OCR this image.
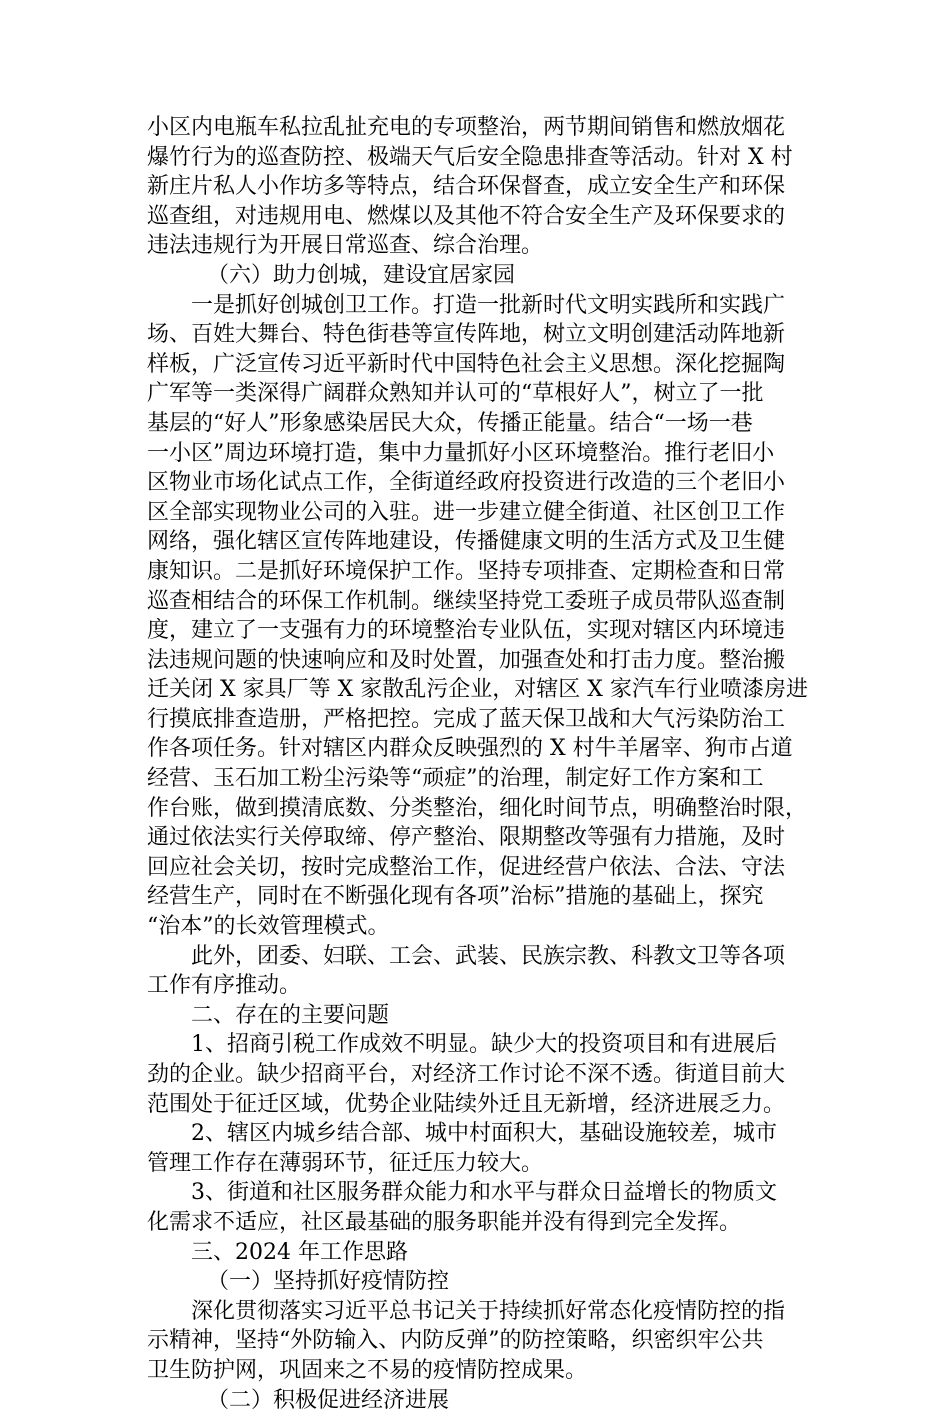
小区内电瓶车私拉乱扯充电的专项整治，两节期间销售和燃放烟花
爆竹行为的巡查防控、极端天气后安全隐患排查等活动。针对 X 村
新庄片私人小作坊多等特点，结合环保督查，成立安全生产和环保
巡查组，对违规用电、燃煤以及其他不符合安全生产及环保要求的
违法违规行为开展日常巡查、综合治理。

（六）助力创城，建设宜居家园

一是抓好创城创卫工作。打造一批新时代文明实践所和实践广
场、百姓大舞台、特色街巷等宣传阵地，树立文明创建活动阵地新
样板，广泛宣传习近平新时代中国特色社会主义思想。深化挖掘陶
广军等一类深得广阔群众熟知并认可的“草根好人”，树立了一批
基层的“好人”形象感染居民大众，传播正能量。结合“一场一巷
一小区”周边环境打造，集中力量抓好小区环境整治。推行老旧小
区物业市场化试点工作，全街道经政府投资进行改造的三个老旧小
区全部实现物业公司的入驻。进一步建立健全街道、社区创卫工作
网络，强化辖区宣传阵地建设，传播健康文明的生活方式及卫生健
康知识。二是抓好环境保护工作。坚持专项排查、定期检查和日常
巡查相结合的环保工作机制。继续坚持党工委班子成员带队巡查制
度，建立了一支强有力的环境整治专业队伍，实现对辖区内环境违
法违规问题的快速响应和及时处置，加强查处和打击力度。整治搬
迁关闭 X 家具厂等 X 家散乱污企业，对辖区 X 家汽车行业喷漆房进
行摸底排查造册，严格把控。完成了蓝天保卫战和大气污染防治工
作各项任务。针对辖区内群众反映强烈的 X 村牛羊屠宰、狗市占道
经营、玉石加工粉尘污染等“顽症”的治理，制定好工作方案和工
作台账，做到摸清底数、分类整治，细化时间节点，明确整治时限，
通过依法实行关停取缔、停产整治、限期整改等强有力措施，及时
回应社会关切，按时完成整治工作，促进经营户依法、合法、守法
经营生产，同时在不断强化现有各项”治标”措施的基础上，探究
“治本”的长效管理模式。

此外，团委、妇联、工会、武装、民族宗教、科教文卫等各项
工作有序推动。

二、存在的主要问题

1、招商引税工作成效不明显。缺少大的投资项目和有进展后
劲的企业。缺少招商平台，对经济工作讨论不深不透。街道目前大
范围处于征迁区域，优势企业陆续外迁且无新增，经济进展乏力。

2、辖区内城乡结合部、城中村面积大，基础设施较差，城市
管理工作存在薄弱环节，征迁压力较大。

3、街道和社区服务群众能力和水平与群众日益增长的物质文
化需求不适应，社区最基础的服务职能并没有得到完全发挥。

三、2024 年工作思路

（一）坚持抓好疫情防控

深化贯彻落实习近平总书记关于持续抓好常态化疫情防控的指
示精神，坚持“外防输入、内防反弹”的防控策略，织密织牢公共
卫生防护网，巩固来之不易的疫情防控成果。

（二）积极促进经济进展
